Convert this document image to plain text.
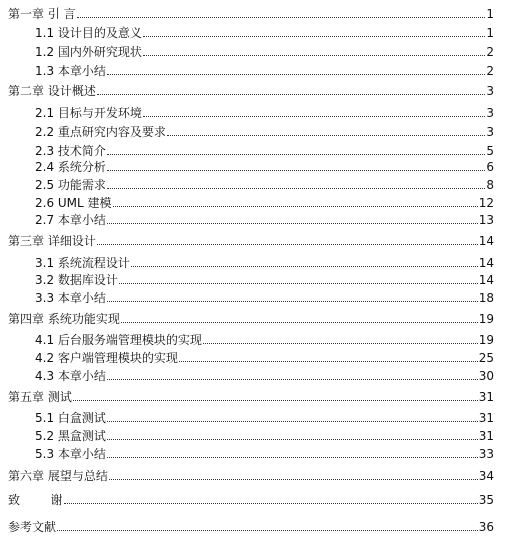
第一章 引 言	1
1.1 设计目的及意义	1
1.2 国内外研究现状	2
1.3 本章小结	2
第二章 设计概述	3
2.1 目标与开发环境	3
2.2 重点研究内容及要求	3
2.3 技术简介	5
2.4 系统分析	6
2.5 功能需求	8
2.6 UML 建模	12
2.7 本章小结	13
第三章 详细设计	14
3.1 系统流程设计	14
3.2 数据库设计	14
3.3 本章小结	18
第四章 系统功能实现	19
4.1 后台服务端管理模块的实现	19
4.2 客户端管理模块的实现	25
4.3 本章小结	30
第五章 测试	31
5.1 白盒测试	31
5.2 黑盒测试	31
5.3 本章小结	33
第六章 展望与总结	34
致        谢	35
参考文献	36
